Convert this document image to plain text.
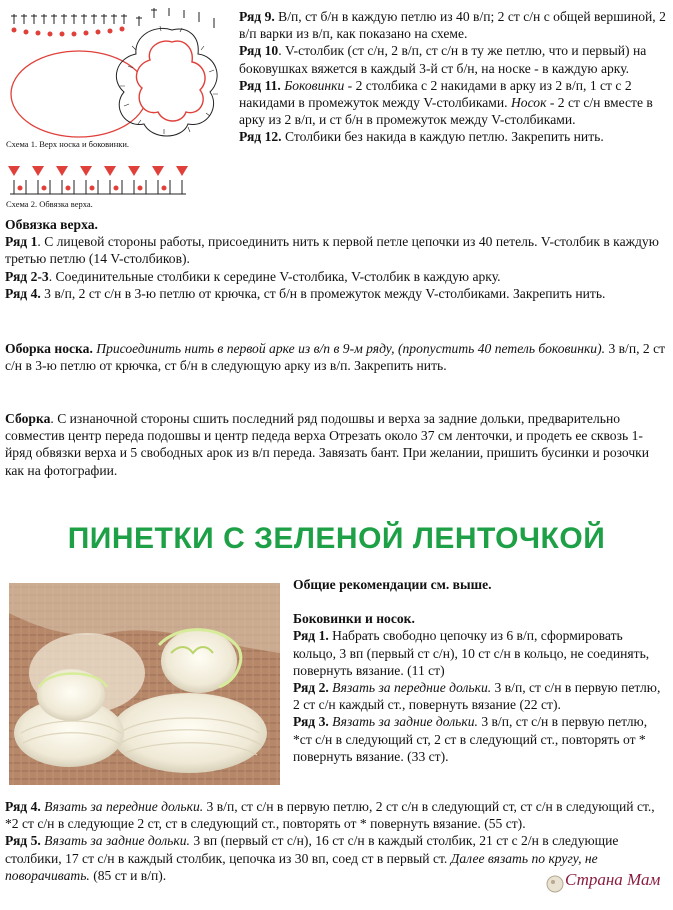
Схема 1. Верх носка и боковинки.
Схема 2. Обвязка верха.

Ряд 9. В/п, ст б/н в каждую петлю из 40 в/п; 2 ст с/н с общей вершиной, 2 в/п варки из в/п, как показано на схеме.

Ряд 10. V-столбик (ст с/н, 2 в/п, ст с/н в ту же петлю, что и первый) на боковушках вяжется в каждый 3-й ст б/н, на носке - в каждую арку.

Ряд 11. Боковинки - 2 столбика с 2 накидами в арку из 2 в/п, 1 ст с 2 накидами в промежуток между V-столбиками. Носок - 2 ст с/н вместе в арку из 2 в/п, и ст б/н в промежуток между V-столбиками.

Ряд 12. Столбики без накида в каждую петлю. Закрепить нить.

Обвязка верха.

Ряд 1. С лицевой стороны работы, присоединить нить к первой петле цепочки из 40 петель. V-столбик в каждую третью петлю (14 V-столбиков).

Ряд 2-3. Соединительные столбики к середине V-столбика, V-столбик в каждую арку.

Ряд 4. 3 в/п, 2 ст с/н в 3-ю петлю от крючка, ст б/н в промежуток между V-столбиками. Закрепить нить.

Оборка носка. Присоединить нить в первой арке из в/п в 9-м ряду, (пропустить 40 петель боковинки). 3 в/п, 2 ст с/н в 3-ю петлю от крючка, ст б/н в следующую арку из в/п. Закрепить нить.

Сборка. С изнаночной стороны сшить последний ряд подошвы и верха за задние дольки, предварительно совместив центр переда подошвы и центр педеда верха Отрезать около 37 см ленточки, и продеть ее сквозь 1-йряд обвязки верха и 5 свободных арок из в/п переда. Завязать бант. При желании, пришить бусинки и розочки как на фотографии.

ПИНЕТКИ С ЗЕЛЕНОЙ ЛЕНТОЧКОЙ

Общие рекомендации см. выше.

Боковинки и носок.

Ряд 1. Набрать свободно цепочку из 6 в/п, сформировать кольцо, 3 вп (первый ст с/н), 10 ст с/н в кольцо, не соединять, повернуть вязание. (11 ст)

Ряд 2. Вязать за передние дольки. 3 в/п, ст с/н в первую петлю, 2 ст с/н каждый ст., повернуть вязание (22 ст).

Ряд 3. Вязать за задние дольки. 3 в/п, ст с/н в первую петлю, *ст с/н в следующий ст, 2 ст в следующий ст., повторять от * повернуть вязание. (33 ст).

Ряд 4. Вязать за передние дольки. 3 в/п, ст с/н в первую петлю, 2 ст с/н в следующий ст, ст с/н в следующий ст., *2 ст с/н в следующие 2 ст, ст в следующий ст., повторять от * повернуть вязание. (55 ст).

Ряд 5. Вязать за задние дольки. 3 вп (первый ст с/н), 16 ст с/н в каждый столбик, 21 ст с 2/н в следующие столбики, 17 ст с/н в каждый столбик, цепочка из 30 вп, соед ст в первый ст. Далее вязать по кругу, не поворачивать. (85 ст и в/п).	Страна Мам
